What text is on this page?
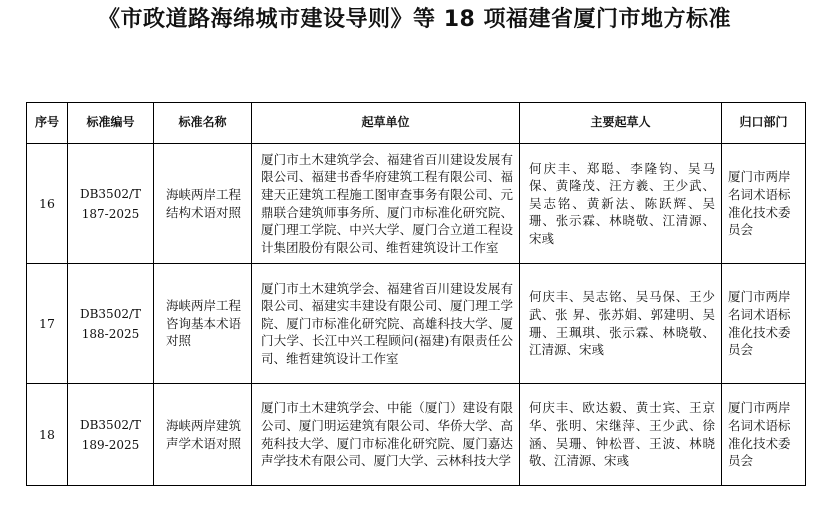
《市政道路海绵城市建设导则》等 18 项福建省厦门市地方标准
序号	标准编号	标准名称	起草单位	主要起草人	归口部门
16	DB3502/T 187-2025	海峡两岸工程结构术语对照	厦门市土木建筑学会、福建省百川建设发展有限公司、福建书香华府建筑工程有限公司、福建天正建筑工程施工图审查事务有限公司、元鼎联合建筑师事务所、厦门市标准化研究院、厦门理工学院、中兴大学、厦门合立道工程设计集团股份有限公司、维哲建筑设计工作室	何庆丰、郑聪、李隆钧、吴马保、黄隆茂、汪方羲、王少武、吴志铭、黄新法、陈跃辉、吴珊、张示霖、林晓敬、江清源、宋彧	厦门市两岸名词术语标准化技术委员会
17	DB3502/T 188-2025	海峡两岸工程咨询基本术语对照	厦门市土木建筑学会、福建省百川建设发展有限公司、福建实丰建设有限公司、厦门理工学院、厦门市标准化研究院、高雄科技大学、厦门大学、长江中兴工程顾问(福建)有限责任公司、维哲建筑设计工作室	何庆丰、吴志铭、吴马保、王少武、张 昇、张苏娟、郭建明、吴珊、王珮琪、张示霖、林晓敬、江清源、宋彧	厦门市两岸名词术语标准化技术委员会
18	DB3502/T 189-2025	海峡两岸建筑声学术语对照	厦门市土木建筑学会、中能（厦门）建设有限公司、厦门明运建筑有限公司、华侨大学、高苑科技大学、厦门市标准化研究院、厦门嘉达声学技术有限公司、厦门大学、云林科技大学	何庆丰、欧达毅、黄士宾、王京华、张明、宋继萍、王少武、徐涵、吴珊、钟松晋、王波、林晓敬、江清源、宋彧	厦门市两岸名词术语标准化技术委员会
